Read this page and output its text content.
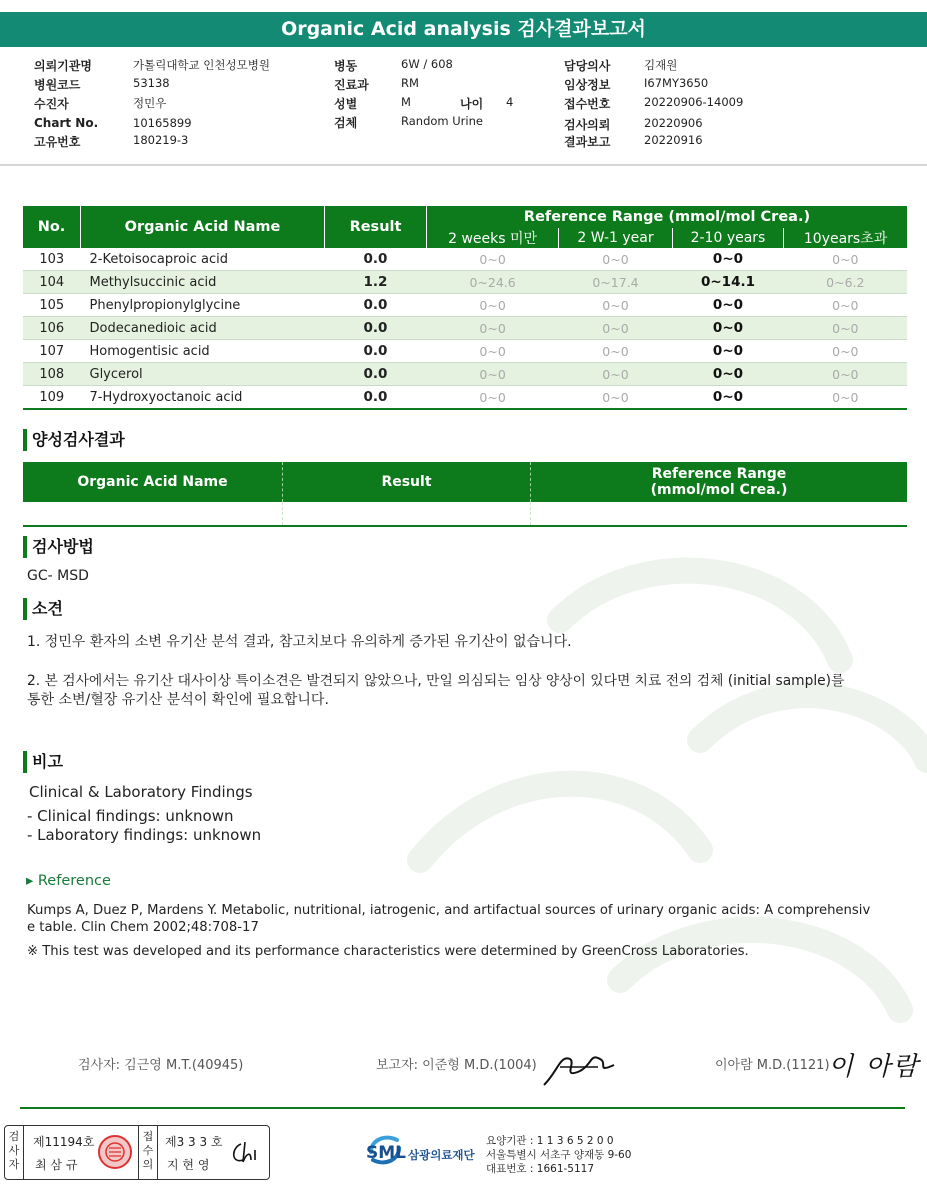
Organic Acid analysis 검사결과보고서
의뢰기관명	가톨릭대학교 인천성모병원
병원코드	53138
수진자	정민우
Chart No.	10165899
고유번호	180219-3
병동	6W / 608
진료과	RM
성별	M	나이 4
검체	Random Urine
담당의사	김재원
임상정보	I67MY3650
접수번호	20220906-14009
검사의뢰	20220906
결과보고	20220916
No.	Organic Acid Name	Result	Reference Range (mmol/mol Crea.)			
			2 weeks 미만	2 W-1 year	2-10 years	10years초과
103	2-Ketoisocaproic acid	0.0	0~0	0~0	0~0	0~0
104	Methylsuccinic acid	1.2	0~24.6	0~17.4	0~14.1	0~6.2
105	Phenylpropionylglycine	0.0	0~0	0~0	0~0	0~0
106	Dodecanedioic acid	0.0	0~0	0~0	0~0	0~0
107	Homogentisic acid	0.0	0~0	0~0	0~0	0~0
108	Glycerol	0.0	0~0	0~0	0~0	0~0
109	7-Hydroxyoctanoic acid	0.0	0~0	0~0	0~0	0~0
양성검사결과
Organic Acid Name	Result	Reference Range
(mmol/mol Crea.)

검사방법
GC- MSD
소견
1. 정민우 환자의 소변 유기산 분석 결과, 참고치보다 유의하게 증가된 유기산이 없습니다.
2. 본 검사에서는 유기산 대사이상 특이소견은 발견되지 않았으나, 만일 의심되는 임상 양상이 있다면 치료 전의 검체 (initial sample)를
통한 소변/혈장 유기산 분석이 확인에 필요합니다.
비고
Clinical & Laboratory Findings
- Clinical findings: unknown
- Laboratory findings: unknown
▸ Reference
Kumps A, Duez P, Mardens Y. Metabolic, nutritional, iatrogenic, and artifactual sources of urinary organic acids: A comprehensiv
e table. Clin Chem 2002;48:708-17
※ This test was developed and its performance characteristics were determined by GreenCross Laboratories.
검사자: 김근영 M.T.(40945)	보고자: 이준형 M.D.(1004)	이아람 M.D.(1121)
이 아람
검사자
제11194호
최 삼 규
접수의
제3 3 3 호
지 현 영
SML 삼광의료재단
요양기관 : 1 1 3 6 5 2 0 0
서울특별시 서초구 양재동 9-60
대표번호 : 1661-5117
